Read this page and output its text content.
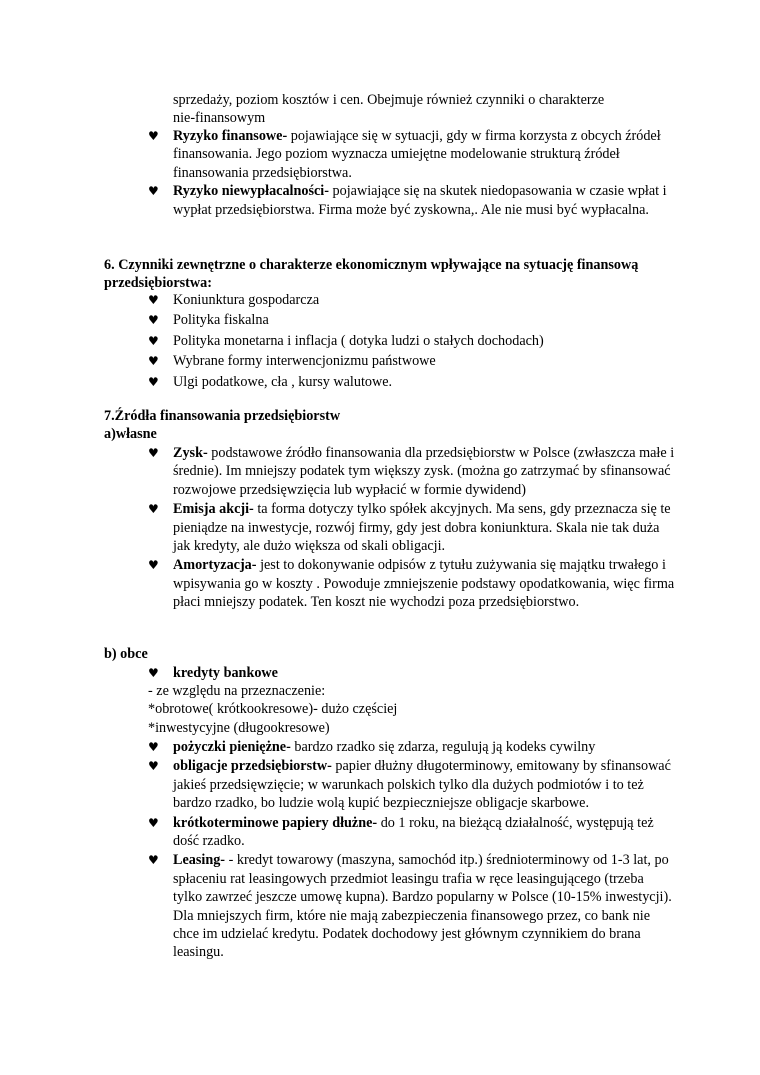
sprzedaży, poziom kosztów i cen. Obejmuje również czynniki o charakterze
nie-finansowym
♥ Ryzyko finansowe- pojawiające się w sytuacji, gdy w firma korzysta z obcych źródeł finansowania. Jego poziom wyznacza umiejętne modelowanie strukturą źródeł finansowania przedsiębiorstwa.
♥ Ryzyko niewypłacalności- pojawiające się na skutek niedopasowania w czasie wpłat i wypłat przedsiębiorstwa. Firma może być zyskowna,. Ale nie musi być wypłacalna.
6. Czynniki zewnętrzne o charakterze ekonomicznym wpływające na sytuację finansową przedsiębiorstwa:
♥ Koniunktura gospodarcza
♥ Polityka fiskalna
♥ Polityka monetarna i inflacja ( dotyka ludzi o stałych dochodach)
♥ Wybrane formy interwencjonizmu państwowe
♥ Ulgi podatkowe, cła , kursy walutowe.
7.Źródła finansowania przedsiębiorstw
a)własne
♥ Zysk- podstawowe źródło finansowania dla przedsiębiorstw w Polsce (zwłaszcza małe i średnie). Im mniejszy podatek tym większy zysk. (można go zatrzymać by sfinansować rozwojowe przedsięwzięcia lub wypłacić w formie dywidend)
♥ Emisja akcji- ta forma dotyczy tylko spółek akcyjnych. Ma sens, gdy przeznacza się te pieniądze na inwestycje, rozwój firmy, gdy jest dobra koniunktura. Skala nie tak duża jak kredyty, ale dużo większa od skali obligacji.
♥ Amortyzacja- jest to dokonywanie odpisów z tytułu zużywania się majątku trwałego i wpisywania go w koszty . Powoduje zmniejszenie podstawy opodatkowania, więc firma płaci mniejszy podatek. Ten koszt nie wychodzi poza przedsiębiorstwo.
b) obce
♥ kredyty bankowe
- ze względu na przeznaczenie:
*obrotowe( krótkookresowe)- dużo częściej
*inwestycyjne (długookresowe)
♥ pożyczki pieniężne- bardzo rzadko się zdarza, regulują ją kodeks cywilny
♥ obligacje przedsiębiorstw- papier dłużny długoterminowy, emitowany by sfinansować jakieś przedsięwzięcie; w warunkach polskich tylko dla dużych podmiotów i to też bardzo rzadko, bo ludzie wolą kupić bezpieczniejsze obligacje skarbowe.
♥ krótkoterminowe papiery dłużne- do 1 roku, na bieżącą działalność, występują też dość rzadko.
♥ Leasing- - kredyt towarowy (maszyna, samochód itp.) średnioterminowy od 1-3 lat, po spłaceniu rat leasingowych przedmiot leasingu trafia w ręce leasingującego (trzeba tylko zawrzeć jeszcze umowę kupna). Bardzo popularny w Polsce (10-15% inwestycji). Dla mniejszych firm, które nie mają zabezpieczenia finansowego przez, co bank nie chce im udzielać kredytu. Podatek dochodowy jest głównym czynnikiem do brana leasingu.
